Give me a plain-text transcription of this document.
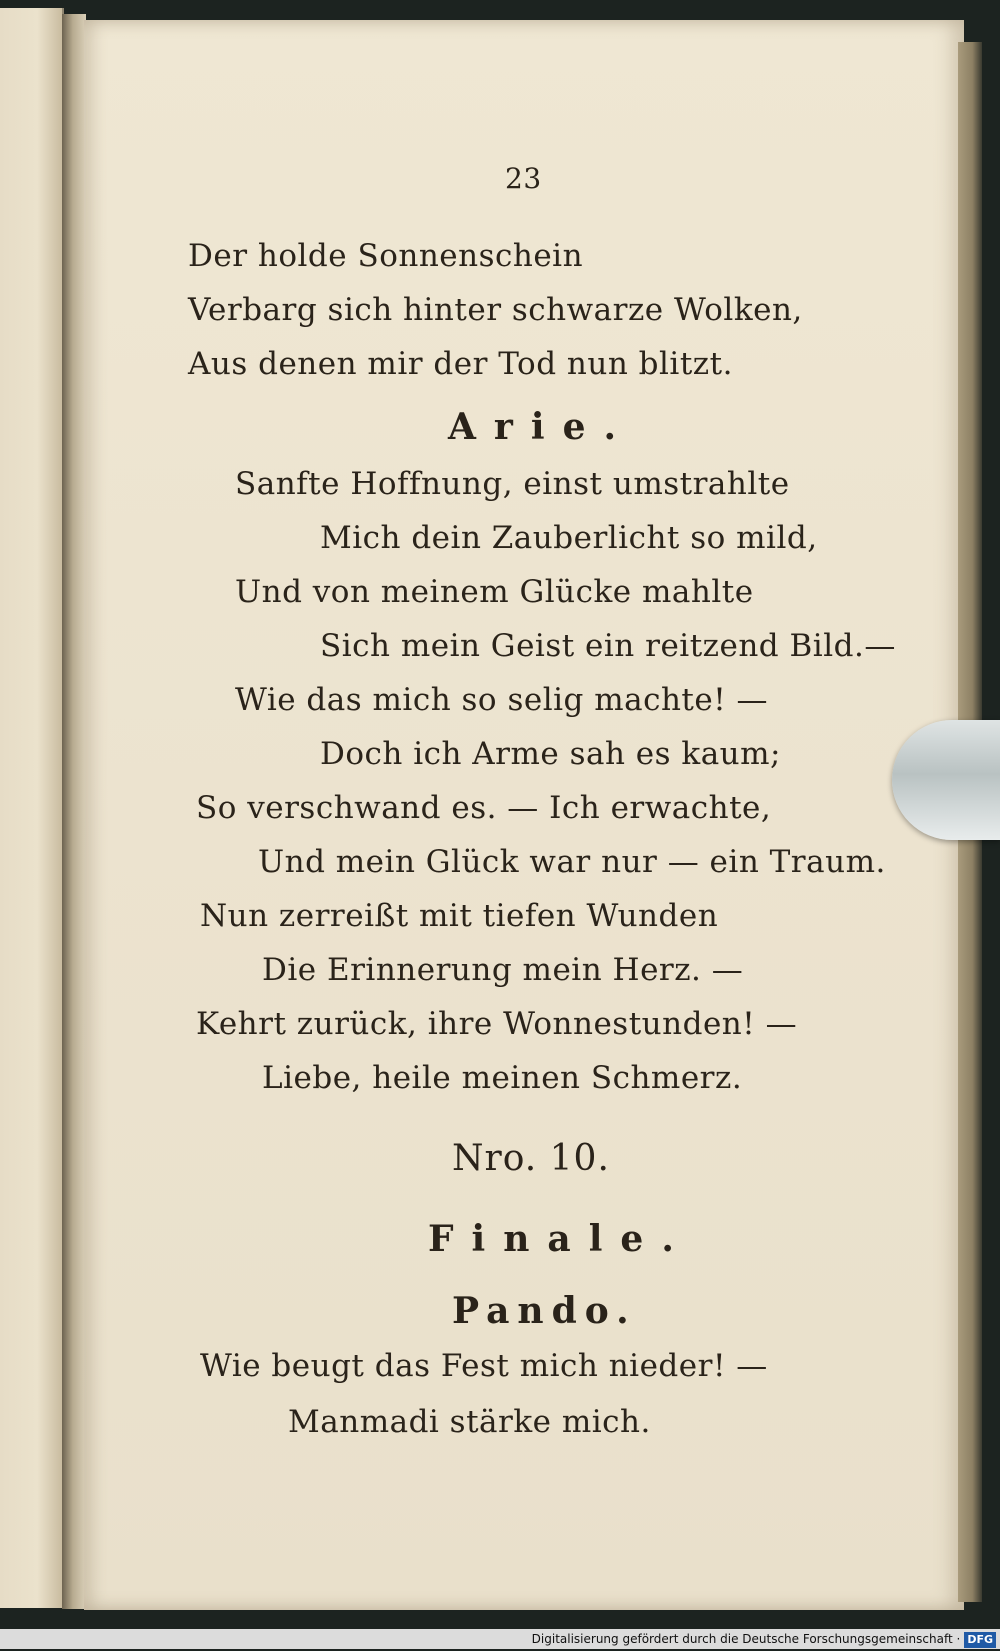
23
Der holde Sonnenschein
Verbarg sich hinter schwarze Wolken,
Aus denen mir der Tod nun blitzt.
Arie.
Sanfte Hoffnung, einst umstrahlte
Mich dein Zauberlicht so mild,
Und von meinem Glücke mahlte
Sich mein Geist ein reitzend Bild.—
Wie das mich so selig machte! —
Doch ich Arme sah es kaum;
So verschwand es. — Ich erwachte,
Und mein Glück war nur — ein Traum.
Nun zerreißt mit tiefen Wunden
Die Erinnerung mein Herz. —
Kehrt zurück, ihre Wonnestunden! —
Liebe, heile meinen Schmerz.
Nro. 10.
Finale.
Pando.
Wie beugt das Fest mich nieder! —
Manmadi stärke mich.
Digitalisierung gefördert durch die Deutsche Forschungsgemeinschaft · DFG
